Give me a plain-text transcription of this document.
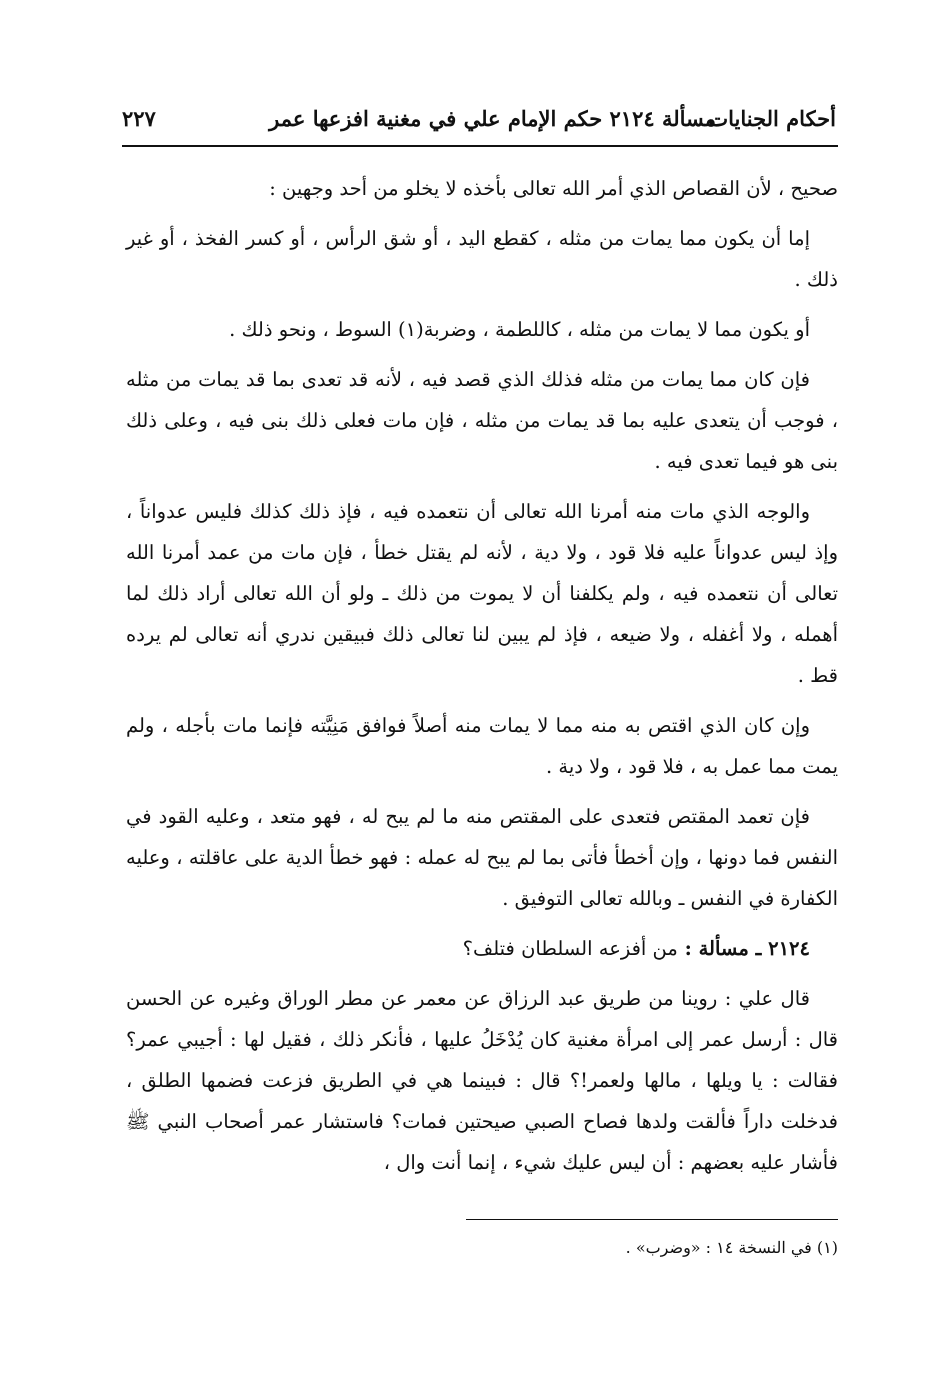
أحكام الجنايات
مسألة ٢١٢٤ حكم الإمام علي في مغنية افزعها عمر
٢٢٧

صحيح ، لأن القصاص الذي أمر الله تعالى بأخذه لا يخلو من أحد وجهين :

إما أن يكون مما يمات من مثله ، كقطع اليد ، أو شق الرأس ، أو كسر الفخذ ، أو غير ذلك .

أو يكون مما لا يمات من مثله ، كاللطمة ، وضربة(١) السوط ، ونحو ذلك .

فإن كان مما يمات من مثله فذلك الذي قصد فيه ، لأنه قد تعدى بما قد يمات من مثله ، فوجب أن يتعدى عليه بما قد يمات من مثله ، فإن مات فعلى ذلك بنى فيه ، وعلى ذلك بنى هو فيما تعدى فيه .

والوجه الذي مات منه أمرنا الله تعالى أن نتعمده فيه ، فإذ ذلك كذلك فليس عدواناً ، وإذ ليس عدواناً عليه فلا قود ، ولا دية ، لأنه لم يقتل خطأ ، فإن مات من عمد أمرنا الله تعالى أن نتعمده فيه ، ولم يكلفنا أن لا يموت من ذلك ـ ولو أن الله تعالى أراد ذلك لما أهمله ، ولا أغفله ، ولا ضيعه ، فإذ لم يبين لنا تعالى ذلك فبيقين ندري أنه تعالى لم يرده قط .

وإن كان الذي اقتص به منه مما لا يمات منه أصلاً فوافق مَنِيَّته فإنما مات بأجله ، ولم يمت مما عمل به ، فلا قود ، ولا دية .

فإن تعمد المقتص فتعدى على المقتص منه ما لم يبح له ، فهو متعد ، وعليه القود في النفس فما دونها ، وإن أخطأ فأتى بما لم يبح له عمله : فهو خطأ الدية على عاقلته ، وعليه الكفارة في النفس ـ وبالله تعالى التوفيق .

٢١٢٤ ـ مسألة : من أفزعه السلطان فتلف؟

قال علي : روينا من طريق عبد الرزاق عن معمر عن مطر الوراق وغيره عن الحسن قال : أرسل عمر إلى امرأة مغنية كان يُدْخَلُ عليها ، فأنكر ذلك ، فقيل لها : أجيبي عمر؟ فقالت : يا ويلها ، مالها ولعمر!؟ قال : فبينما هي في الطريق فزعت فضمها الطلق ، فدخلت داراً فألقت ولدها فصاح الصبي صيحتين فمات؟ فاستشار عمر أصحاب النبي ﷺ فأشار عليه بعضهم : أن ليس عليك شيء ، إنما أنت وال ،

(١) في النسخة ١٤ : «وضرب» .
